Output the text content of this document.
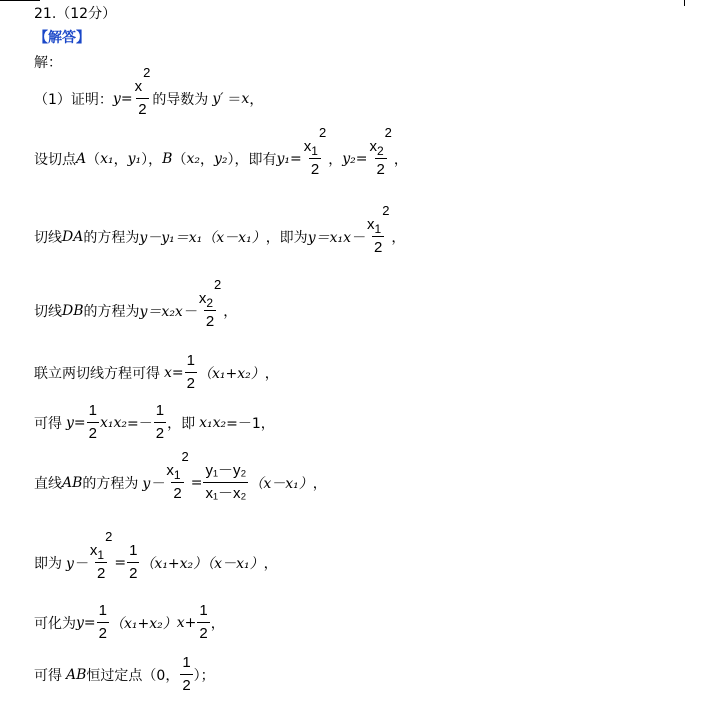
21.（12分）
【解答】
解：
（1）证明： $y = \frac{x2}{2}$ 的导数为 y′ ＝ x ，
设切点 A （ x₁ ， y₁ ）， B （ x₂ ， y₂ ），即有 $y_1 = \frac{x_12}{2}$ ， $y_2 = \frac{x_22}{2}$ ，
切线 DA 的方程为 y－y₁＝x₁（x－x₁） ，即为 $y=x_1x- \frac{x_12}{2}$ ，
切线 DB 的方程为 $y=x_2x- \frac{x_22}{2}$ ，
联立两切线方程可得 $x = \frac{1}{2} (x_1+x_2)$ ，
可得 $y = \frac{1}{2} x_1x_2 =- \frac{1}{2}$ ，即 x₁x₂ =－1，
直线 AB 的方程为 $y- \frac{x_12}{2} = \frac{\text{y₁－y₂}}{\text{x₁－x₂}} (x-x_1)$ ，
即为 $y- \frac{x_12}{2} = \frac{1}{2} (x_1+x_2)(x-x_1)$ ，
可化为 $y = \frac{1}{2} (x_1+x_2)$ $x+ \frac{1}{2}$ ，
可得 AB 恒过定点（0， $\frac{1}{2}$ ）；
